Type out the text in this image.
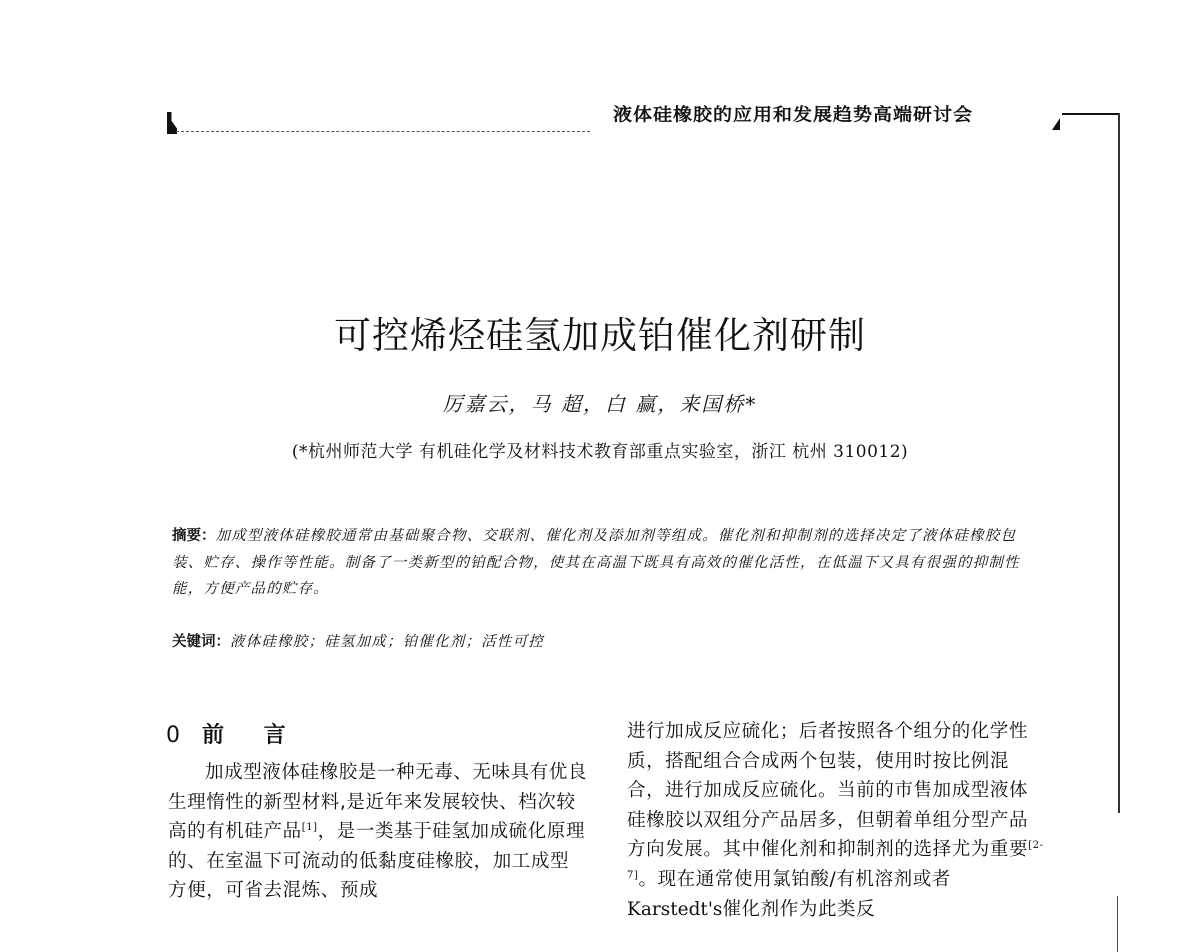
液体硅橡胶的应用和发展趋势高端研讨会
可控烯烃硅氢加成铂催化剂研制
厉嘉云，马 超，白 赢，来国桥*
(*杭州师范大学 有机硅化学及材料技术教育部重点实验室，浙江 杭州 310012)
摘要：加成型液体硅橡胶通常由基础聚合物、交联剂、催化剂及添加剂等组成。催化剂和抑制剂的选择决定了液体硅橡胶包装、贮存、操作等性能。制备了一类新型的铂配合物，使其在高温下既具有高效的催化活性，在低温下又具有很强的抑制性能，方便产品的贮存。
关键词：液体硅橡胶；硅氢加成；铂催化剂；活性可控
0 前 言

加成型液体硅橡胶是一种无毒、无味具有优良生理惰性的新型材料,是近年来发展较快、档次较高的有机硅产品[1]，是一类基于硅氢加成硫化原理的、在室温下可流动的低黏度硅橡胶，加工成型方便，可省去混炼、预成

进行加成反应硫化；后者按照各个组分的化学性质，搭配组合合成两个包装，使用时按比例混合，进行加成反应硫化。当前的市售加成型液体硅橡胶以双组分产品居多，但朝着单组分型产品方向发展。其中催化剂和抑制剂的选择尤为重要[2-7]。现在通常使用氯铂酸/有机溶剂或者Karstedt's催化剂作为此类反
